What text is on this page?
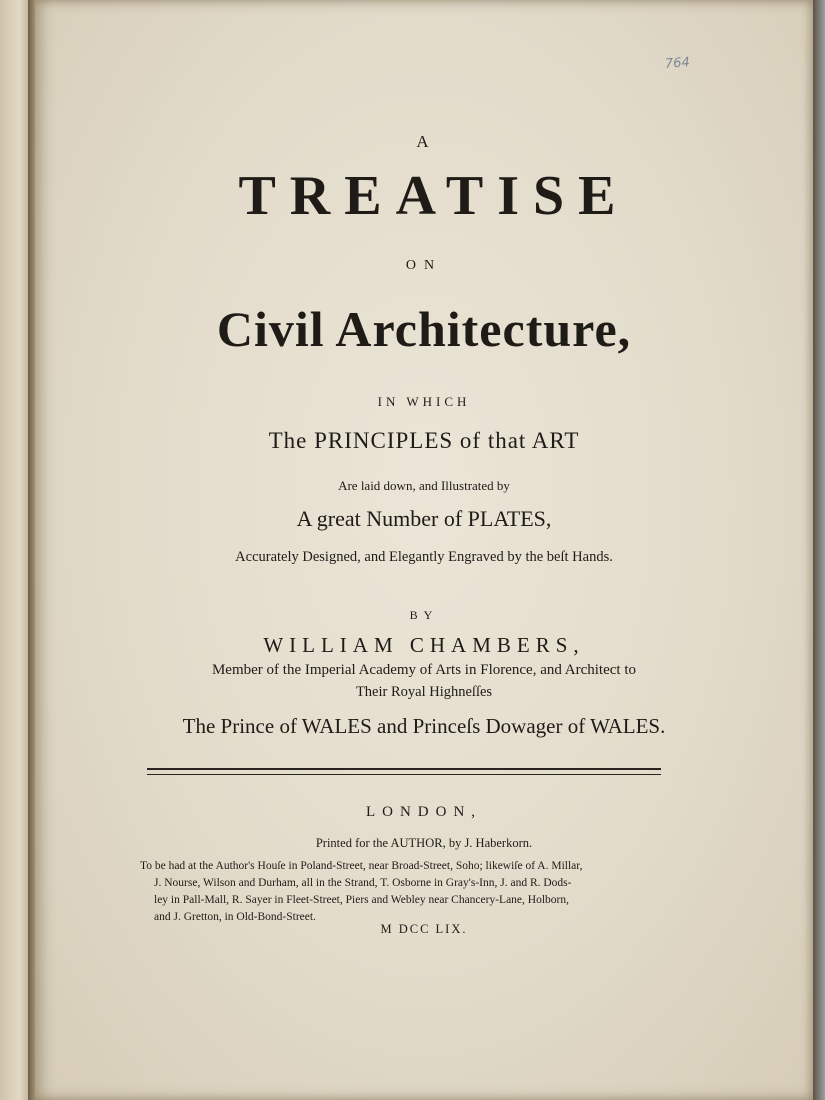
764
A
TREATISE
ON
Civil Architecture,
IN WHICH
The PRINCIPLES of that ART
Are laid down, and Illustrated by
A great Number of PLATES,
Accurately Designed, and Elegantly Engraved by the beſt Hands.
BY
WILLIAM CHAMBERS,
Member of the Imperial Academy of Arts in Florence, and Architect to
Their Royal Highneſſes
The Prince of WALES and Princeſs Dowager of WALES.
LONDON,
Printed for the AUTHOR, by J. Haberkorn.
To be had at the Author's Houſe in Poland-Street, near Broad-Street, Soho; likewiſe of A. Millar,
J. Nourse, Wilson and Durham, all in the Strand, T. Osborne in Gray's-Inn, J. and R. Dods-
ley in Pall-Mall, R. Sayer in Fleet-Street, Piers and Webley near Chancery-Lane, Holborn,
and J. Gretton, in Old-Bond-Street.
M DCC LIX.
